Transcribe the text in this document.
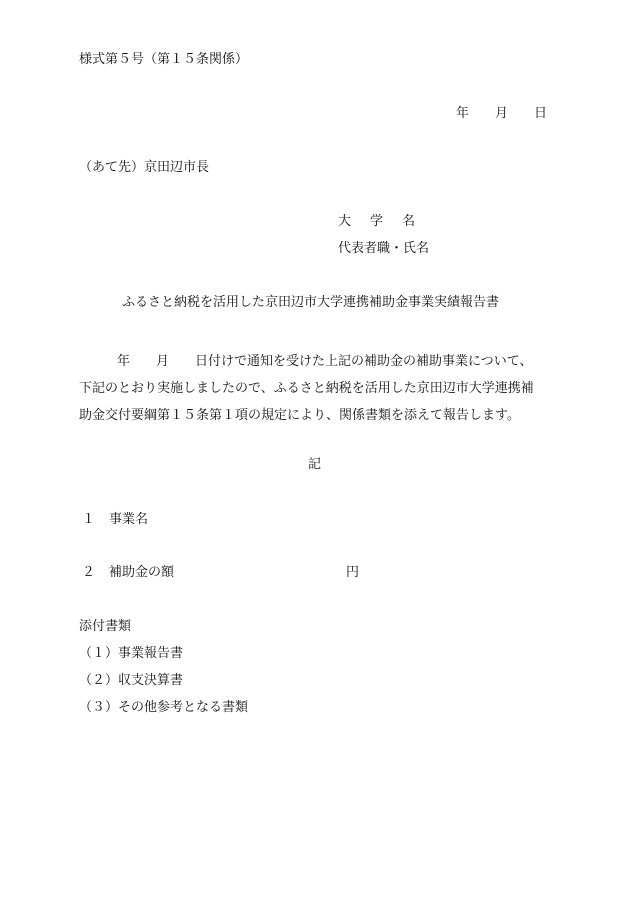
様式第５号（第１５条関係）
年 月 日
（あて先）京田辺市長
大　学　名
代表者職・氏名
ふるさと納税を活用した京田辺市大学連携補助金事業実績報告書
年 月 日付けで通知を受けた上記の補助金の補助事業について、
下記のとおり実施しましたので、ふるさと納税を活用した京田辺市大学連携補
助金交付要綱第１５条第１項の規定により、関係書類を添えて報告します。
記
１ 事業名
２ 補助金の額	円
添付書類
（１）事業報告書
（２）収支決算書
（３）その他参考となる書類
